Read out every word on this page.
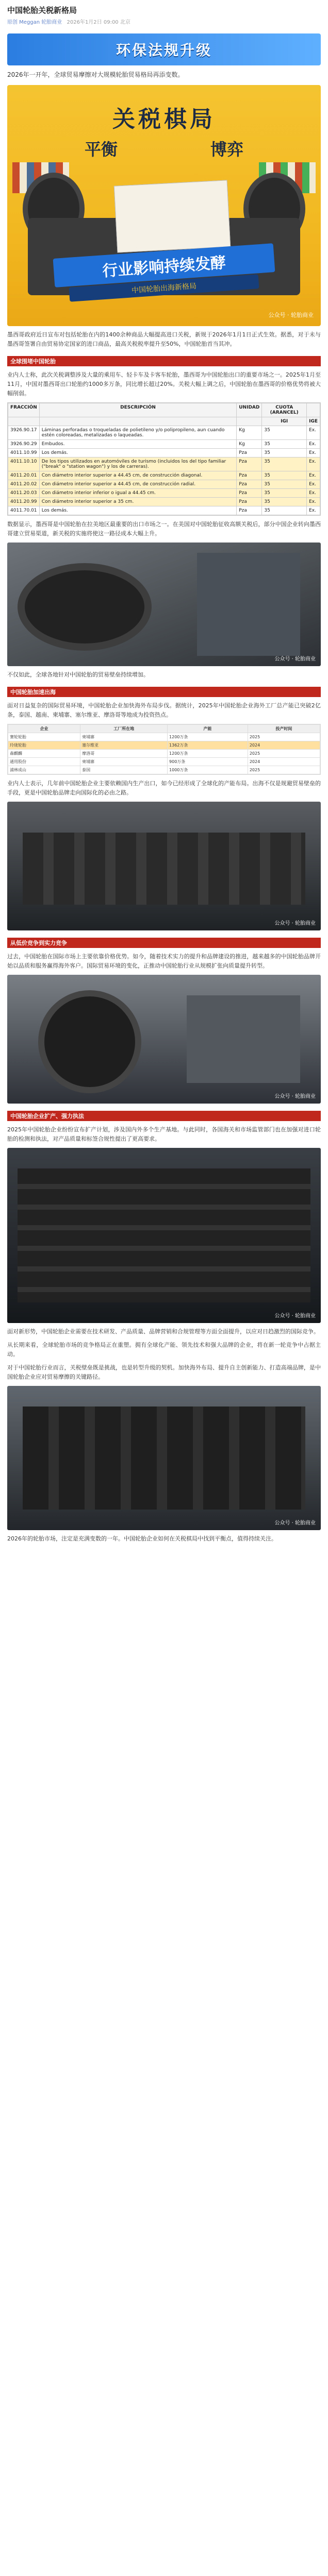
中国轮胎关税新格局
原创 Meggan 轮胎商业 2026年1月2日 09:00 北京
环保法规升级
2026年一开年，全球贸易摩擦对大规模轮胎贸易格局再添变数。
关税棋局
平衡	博弈
行业影响持续发酵
中国轮胎出海新格局
公众号 · 轮胎商业
墨西哥政府近日宣布对包括轮胎在内的1400余种商品大幅提高进口关税，新规于2026年1月1日正式生效。据悉，对于未与墨西哥签署自由贸易协定国家的进口商品，最高关税税率提升至50%，中国轮胎首当其冲。
全球围堵中国轮胎
业内人士称，此次关税调整涉及大量的乘用车、轻卡车及卡客车轮胎，墨西哥为中国轮胎出口的重要市场之一。2025年1月至11月，中国对墨西哥出口轮胎约1000多万条，同比增长超过20%。关税大幅上调之后，中国轮胎在墨西哥的价格优势将被大幅削弱。
FRACCIÓN	DESCRIPCIÓN	UNIDAD	CUOTA (ARANCEL)	
			IGI	IGE
3926.90.17	Láminas perforadas o troqueladas de polietileno y/o polipropileno, aun cuando estén coloreadas, metalizadas o laqueadas.	Kg	35	Ex.
3926.90.29	Embudos.	Kg	35	Ex.
4011.10.99	Los demás.	Pza	35	Ex.
4011.10.10	De los tipos utilizados en automóviles de turismo (incluidos los del tipo familiar ("break" o "station wagon") y los de carreras).	Pza	35	Ex.
4011.20.01	Con diámetro interior superior a 44.45 cm, de construcción diagonal.	Pza	35	Ex.
4011.20.02	Con diámetro interior superior a 44.45 cm, de construcción radial.	Pza	35	Ex.
4011.20.03	Con diámetro interior inferior o igual a 44.45 cm.	Pza	35	Ex.
4011.20.99	Con diámetro interior superior a 35 cm.	Pza	35	Ex.
4011.70.01	Los demás.	Pza	35	Ex.
数据显示，墨西哥是中国轮胎在拉美地区最重要的出口市场之一。在美国对中国轮胎征收高额关税后，部分中国企业转向墨西哥建立贸易渠道，新关税的实施将使这一路径成本大幅上升。
公众号 · 轮胎商业
不仅如此，全球各地针对中国轮胎的贸易壁垒持续增加。
中国轮胎加速出海
面对日益复杂的国际贸易环境，中国轮胎企业加快海外布局步伐。据统计，2025年中国轮胎企业海外工厂总产能已突破2亿条，泰国、越南、柬埔寨、塞尔维亚、摩洛哥等地成为投资热点。
企业	工厂所在地	产能	投产时间
赛轮轮胎	柬埔寨	1200万条	2025
玲珑轮胎	塞尔维亚	1362万条	2024
森麒麟	摩洛哥	1200万条	2025
通用股份	柬埔寨	900万条	2024
浦林成山	泰国	1000万条	2025
业内人士表示，几年前中国轮胎企业主要依赖国内生产出口，如今已经形成了全球化的产能布局。出海不仅是规避贸易壁垒的手段，更是中国轮胎品牌走向国际化的必由之路。
公众号 · 轮胎商业
从低价竞争到实力竞争
过去，中国轮胎在国际市场上主要依靠价格优势。如今，随着技术实力的提升和品牌建设的推进，越来越多的中国轮胎品牌开始以品质和服务赢得海外客户。国际贸易环境的变化，正推动中国轮胎行业从规模扩张向质量提升转型。
公众号 · 轮胎商业
中国轮胎企业扩产、强力执法
2025年中国轮胎企业纷纷宣布扩产计划，涉及国内外多个生产基地。与此同时，各国海关和市场监管部门也在加强对进口轮胎的检测和执法，对产品质量和标签合规性提出了更高要求。
公众号 · 轮胎商业
面对新形势，中国轮胎企业需要在技术研发、产品质量、品牌营销和合规管理等方面全面提升，以应对日趋激烈的国际竞争。
从长期来看，全球轮胎市场的竞争格局正在重塑。拥有全球化产能、领先技术和强大品牌的企业，将在新一轮竞争中占据主动。
对于中国轮胎行业而言，关税壁垒既是挑战，也是转型升级的契机。加快海外布局、提升自主创新能力、打造高端品牌，是中国轮胎企业应对贸易摩擦的关键路径。
公众号 · 轮胎商业
2026年的轮胎市场，注定是充满变数的一年。中国轮胎企业如何在关税棋局中找到平衡点，值得持续关注。
